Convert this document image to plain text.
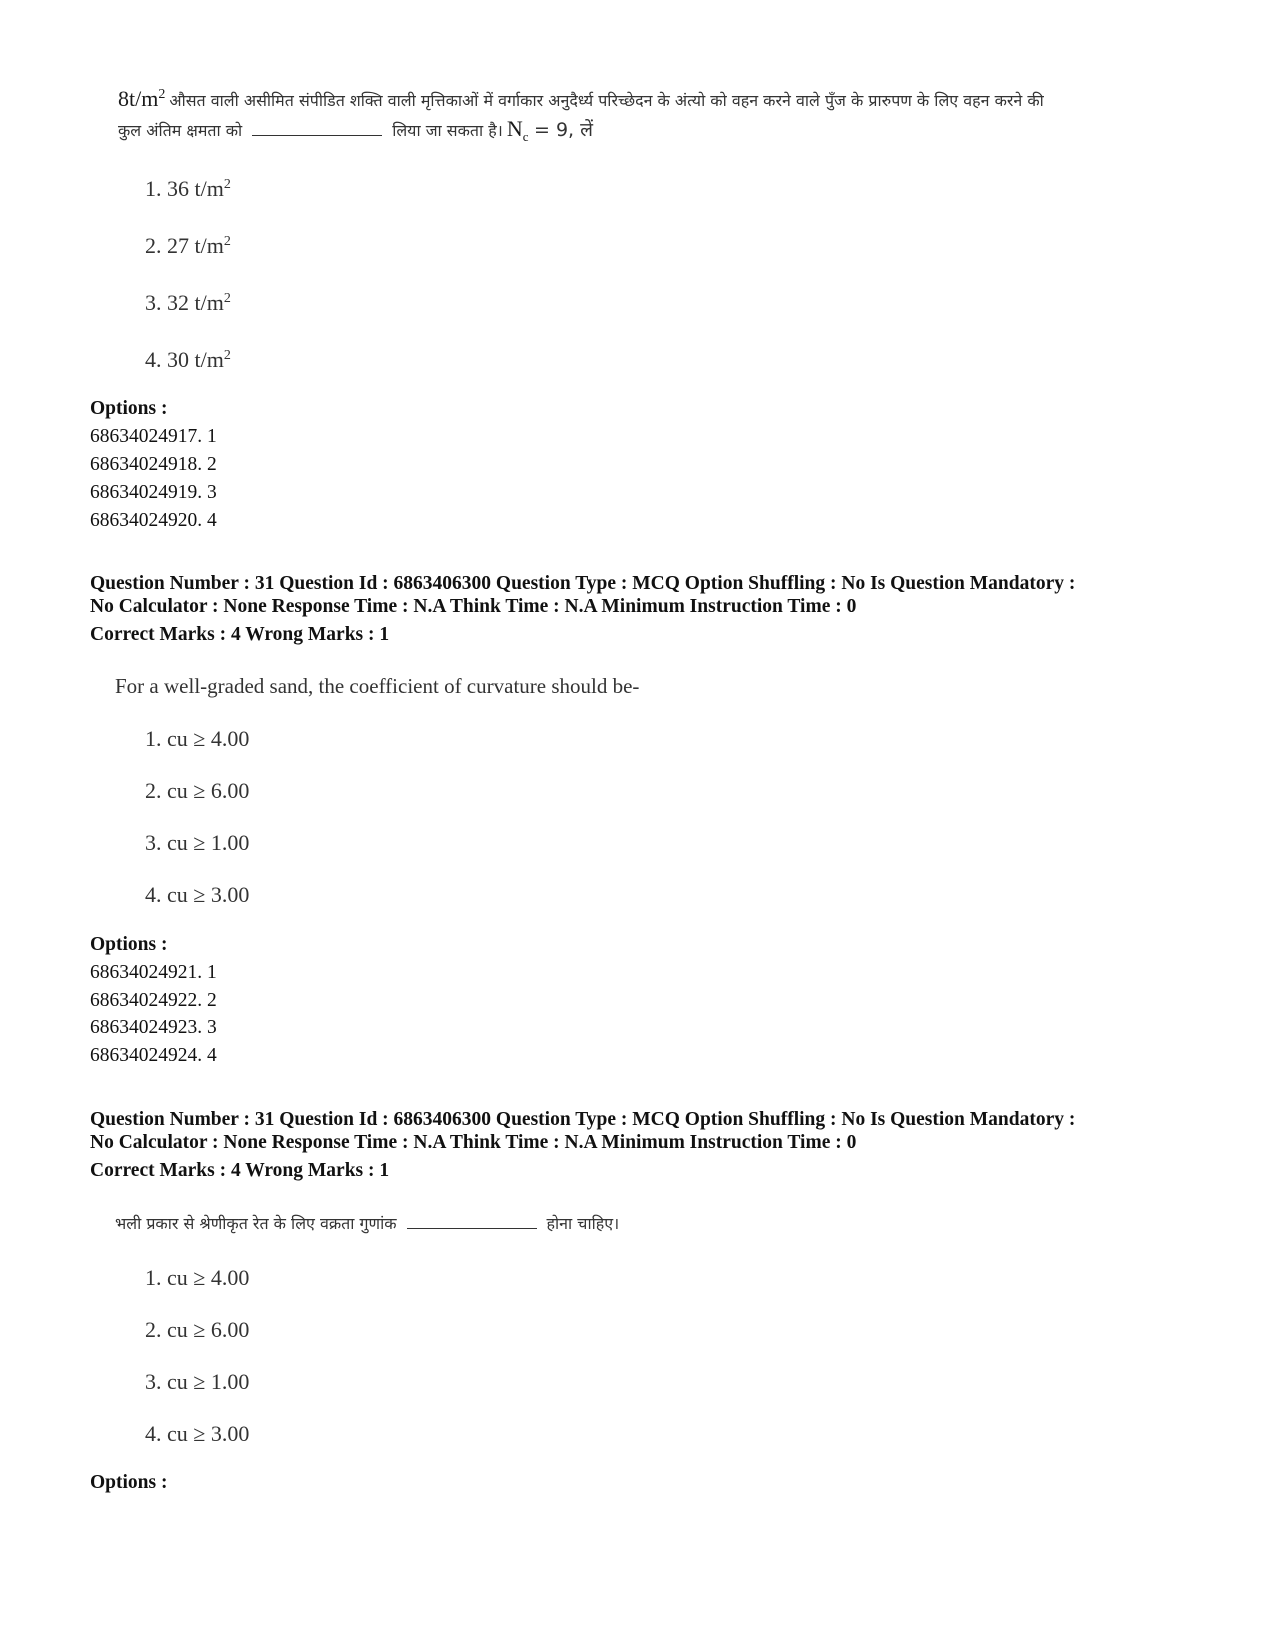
$8t/m^2$ औसत वाली असीमित संपीडित शक्ति वाली मृत्तिकाओं में वर्गाकार अनुदैर्ध्य परिच्छेदन के अंत्यो को वहन करने वाले पुँज के प्रारुपण के लिए वहन करने की
कुल अंतिम क्षमता को	लिया जा सकता है। $N_c = 9$, लें
1. 36 $t/m^2$
2. 27 $t/m^2$
3. 32 $t/m^2$
4. 30 $t/m^2$
Options :
68634024917. 1
68634024918. 2
68634024919. 3
68634024920. 4
Question Number : 31 Question Id : 6863406300 Question Type : MCQ Option Shuffling : No Is Question Mandatory :
No Calculator : None Response Time : N.A Think Time : N.A Minimum Instruction Time : 0
Correct Marks : 4 Wrong Marks : 1
For a well-graded sand, the coefficient of curvature should be-
1. cu ≥ 4.00
2. cu ≥ 6.00
3. cu ≥ 1.00
4. cu ≥ 3.00
Options :
68634024921. 1
68634024922. 2
68634024923. 3
68634024924. 4
Question Number : 31 Question Id : 6863406300 Question Type : MCQ Option Shuffling : No Is Question Mandatory :
No Calculator : None Response Time : N.A Think Time : N.A Minimum Instruction Time : 0
Correct Marks : 4 Wrong Marks : 1
भली प्रकार से श्रेणीकृत रेत के लिए वक्रता गुणांक	होना चाहिए।
1. cu ≥ 4.00
2. cu ≥ 6.00
3. cu ≥ 1.00
4. cu ≥ 3.00
Options :
